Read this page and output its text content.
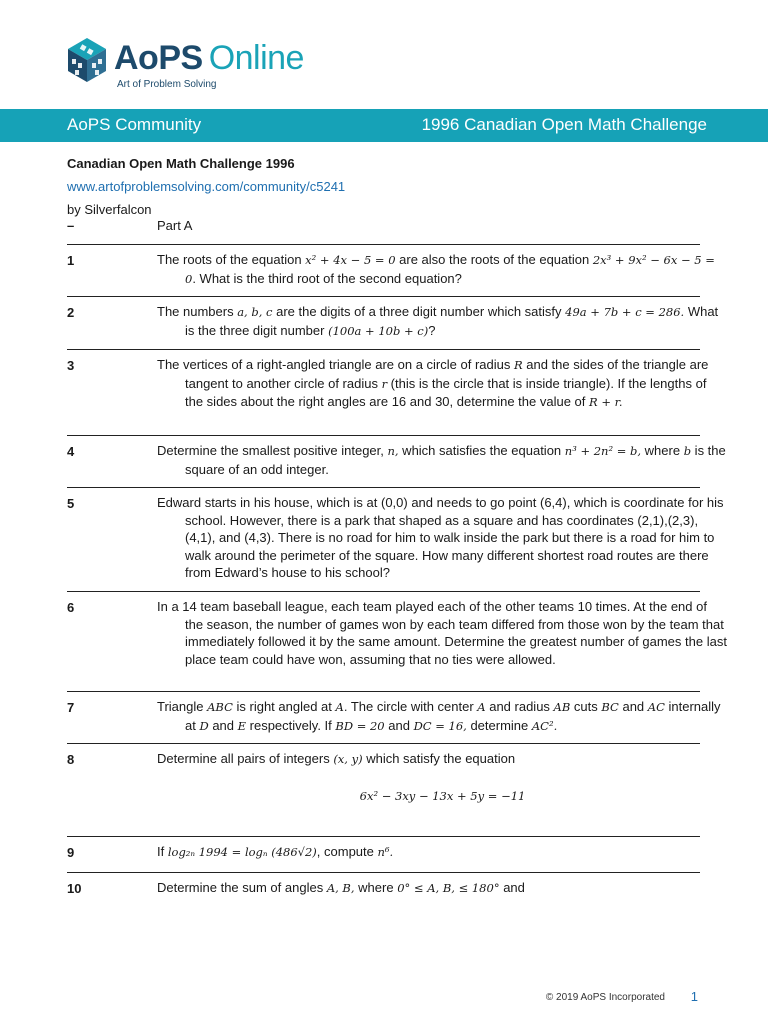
AoPS Online
Art of Problem Solving
AoPS Community	1996 Canadian Open Math Challenge
Canadian Open Math Challenge 1996
www.artofproblemsolving.com/community/c5241
by Silverfalcon
–	Part A
1	The roots of the equation x² + 4x − 5 = 0 are also the roots of the equation 2x³ + 9x² − 6x − 5 = 0. What is the third root of the second equation?
2	The numbers a, b, c are the digits of a three digit number which satisfy 49a + 7b + c = 286. What is the three digit number (100a + 10b + c)?
3	The vertices of a right-angled triangle are on a circle of radius R and the sides of the triangle are tangent to another circle of radius r (this is the circle that is inside triangle). If the lengths of the sides about the right angles are 16 and 30, determine the value of R + r.
4	Determine the smallest positive integer, n, which satisfies the equation n³ + 2n² = b, where b is the square of an odd integer.
5	Edward starts in his house, which is at (0,0) and needs to go point (6,4), which is coordinate for his school. However, there is a park that shaped as a square and has coordinates (2,1),(2,3),(4,1), and (4,3). There is no road for him to walk inside the park but there is a road for him to walk around the perimeter of the square. How many different shortest road routes are there from Edward’s house to his school?
6	In a 14 team baseball league, each team played each of the other teams 10 times. At the end of the season, the number of games won by each team differed from those won by the team that immediately followed it by the same amount. Determine the greatest number of games the last place team could have won, assuming that no ties were allowed.
7	Triangle ABC is right angled at A. The circle with center A and radius AB cuts BC and AC internally at D and E respectively. If BD = 20 and DC = 16, determine AC².
8	Determine all pairs of integers (x, y) which satisfy the equation
6x² − 3xy − 13x + 5y = −11
9	If log₂ₙ 1994 = logₙ (486√2), compute n⁶.
10	Determine the sum of angles A, B, where 0° ≤ A, B, ≤ 180° and
© 2019 AoPS Incorporated 1
